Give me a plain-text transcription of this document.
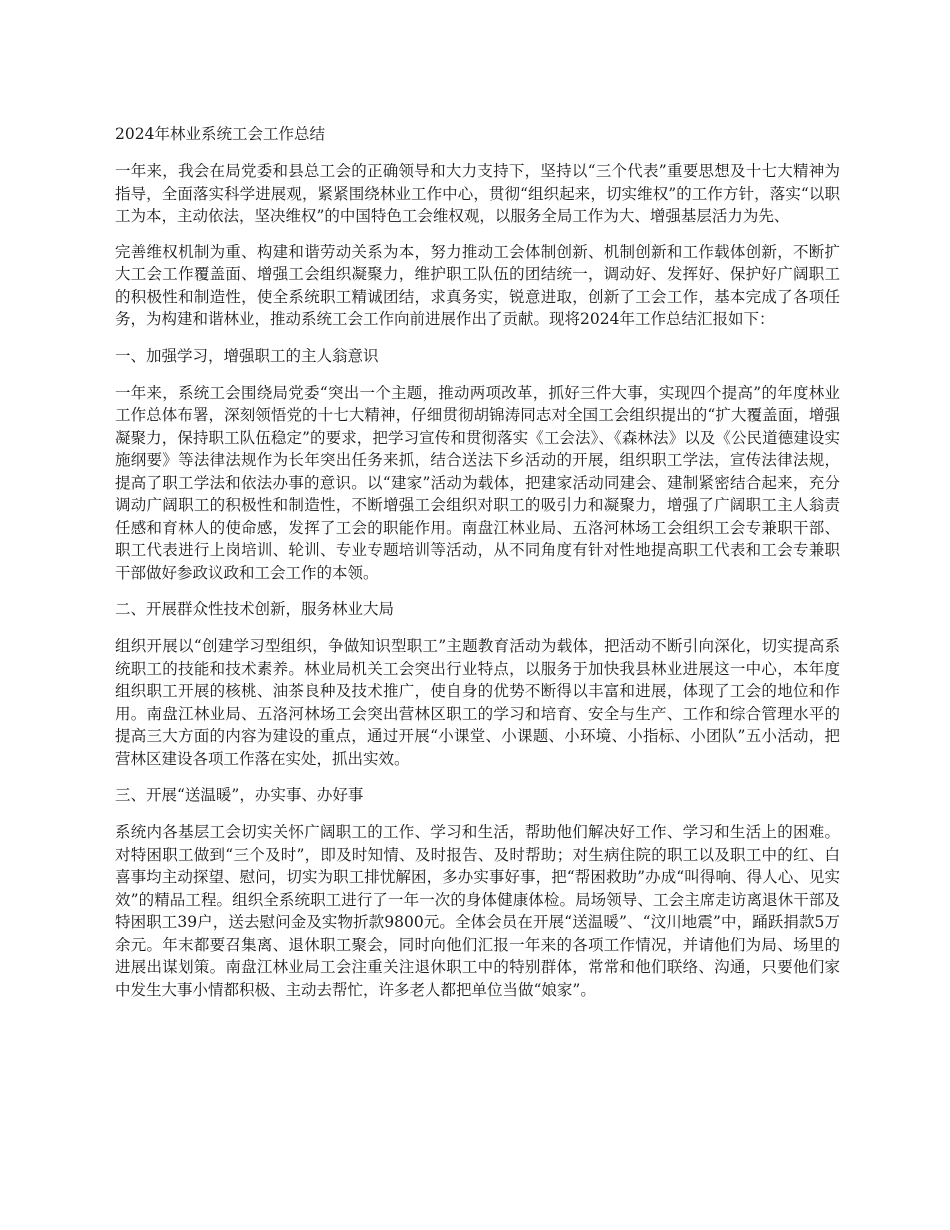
2024年林业系统工会工作总结

一年来，我会在局党委和县总工会的正确领导和大力支持下，坚持以“三个代表”重要思想及十七大精神为指导，全面落实科学进展观，紧紧围绕林业工作中心，贯彻“组织起来，切实维权”的工作方针，落实“以职工为本，主动依法，坚决维权”的中国特色工会维权观，以服务全局工作为大、增强基层活力为先、

完善维权机制为重、构建和谐劳动关系为本，努力推动工会体制创新、机制创新和工作载体创新，不断扩大工会工作覆盖面、增强工会组织凝聚力，维护职工队伍的团结统一，调动好、发挥好、保护好广阔职工的积极性和制造性，使全系统职工精诚团结，求真务实，锐意进取，创新了工会工作，基本完成了各项任务，为构建和谐林业，推动系统工会工作向前进展作出了贡献。现将2024年工作总结汇报如下：

一、加强学习，增强职工的主人翁意识

一年来，系统工会围绕局党委“突出一个主题，推动两项改革，抓好三件大事，实现四个提高”的年度林业工作总体布署，深刻领悟党的十七大精神，仔细贯彻胡锦涛同志对全国工会组织提出的“扩大覆盖面，增强凝聚力，保持职工队伍稳定”的要求，把学习宣传和贯彻落实《工会法》、《森林法》以及《公民道德建设实施纲要》等法律法规作为长年突出任务来抓，结合送法下乡活动的开展，组织职工学法，宣传法律法规，提高了职工学法和依法办事的意识。以“建家”活动为载体，把建家活动同建会、建制紧密结合起来，充分调动广阔职工的积极性和制造性，不断增强工会组织对职工的吸引力和凝聚力，增强了广阔职工主人翁责任感和育林人的使命感，发挥了工会的职能作用。南盘江林业局、五洛河林场工会组织工会专兼职干部、职工代表进行上岗培训、轮训、专业专题培训等活动，从不同角度有针对性地提高职工代表和工会专兼职干部做好参政议政和工会工作的本领。

二、开展群众性技术创新，服务林业大局

组织开展以“创建学习型组织，争做知识型职工”主题教育活动为载体，把活动不断引向深化，切实提高系统职工的技能和技术素养。林业局机关工会突出行业特点，以服务于加快我县林业进展这一中心，本年度组织职工开展的核桃、油茶良种及技术推广，使自身的优势不断得以丰富和进展，体现了工会的地位和作用。南盘江林业局、五洛河林场工会突出营林区职工的学习和培育、安全与生产、工作和综合管理水平的提高三大方面的内容为建设的重点，通过开展“小课堂、小课题、小环境、小指标、小团队”五小活动，把营林区建设各项工作落在实处，抓出实效。

三、开展“送温暖”，办实事、办好事

系统内各基层工会切实关怀广阔职工的工作、学习和生活，帮助他们解决好工作、学习和生活上的困难。对特困职工做到“三个及时”，即及时知情、及时报告、及时帮助；对生病住院的职工以及职工中的红、白喜事均主动探望、慰问，切实为职工排忧解困，多办实事好事，把“帮困救助”办成“叫得响、得人心、见实效”的精品工程。组织全系统职工进行了一年一次的身体健康体检。局场领导、工会主席走访离退休干部及特困职工39户，送去慰问金及实物折款9800元。全体会员在开展“送温暖”、“汶川地震”中，踊跃捐款5万余元。年末都要召集离、退休职工聚会，同时向他们汇报一年来的各项工作情况，并请他们为局、场里的进展出谋划策。南盘江林业局工会注重关注退休职工中的特别群体，常常和他们联络、沟通，只要他们家中发生大事小情都积极、主动去帮忙，许多老人都把单位当做“娘家”。
